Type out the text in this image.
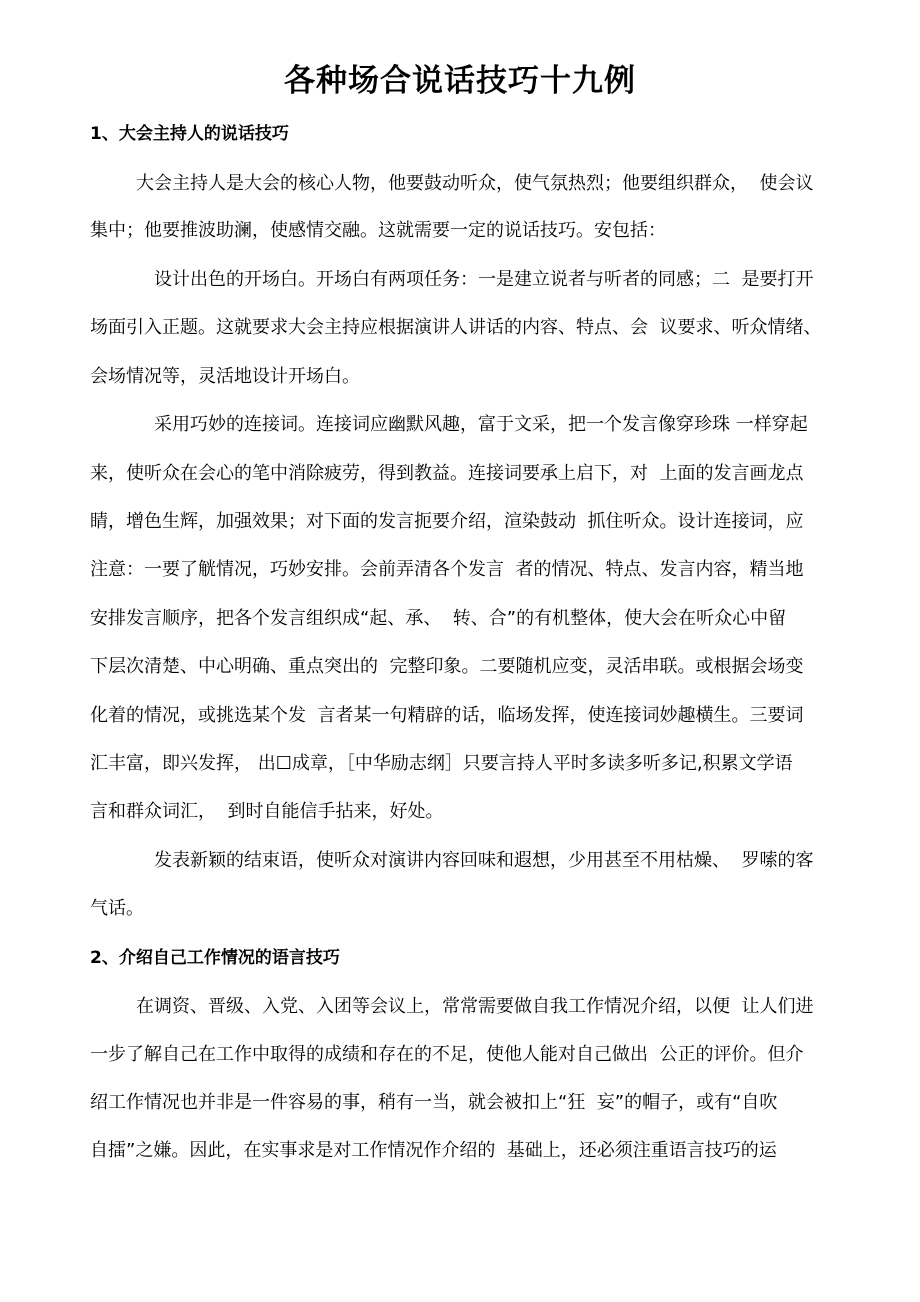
各种场合说话技巧十九例
1、大会主持人的说话技巧
大会主持人是大会的核心人物，他要鼓动听众，使气氛热烈；他要组织群众，  使会议
集中；他要推波助澜，使感情交融。这就需要一定的说话技巧。安包括：
设计出色的开场白。开场白有两项任务：一是建立说者与听者的同感；二  是要打开
场面引入正题。这就要求大会主持应根据演讲人讲话的内容、特点、会  议要求、听众情绪、
会场情况等，灵活地设计开场白。
采用巧妙的连接词。连接词应幽默风趣，富于文采，把一个发言像穿珍珠 一样穿起
来，使听众在会心的笔中消除疲劳，得到教益。连接词要承上启下，对  上面的发言画龙点
睛，增色生辉，加强效果；对下面的发言扼要介绍，渲染鼓动  抓住听众。设计连接词，应
注意：一要了觥情况，巧妙安排。会前弄清各个发言  者的情况、特点、发言内容，精当地
安排发言顺序，把各个发言组织成“起、承、  转、合”的有机整体，使大会在听众心中留
下层次清楚、中心明确、重点突出的  完整印象。二要随机应变，灵活串联。或根据会场变
化着的情况，或挑选某个发  言者某一句精辟的话，临场发挥，使连接词妙趣横生。三要词
汇丰富，即兴发挥， 出☐成章，［中华励志纲］只要言持人平时多读多听多记,积累文学语
言和群众词汇，  到时自能信手拈来，好处。
发表新颖的结束语，使听众对演讲内容回味和遐想，少用甚至不用枯燥、  罗嗦的客
气话。
2、介绍自己工作情况的语言技巧
在调资、晋级、入党、入团等会议上，常常需要做自我工作情况介绍，以便  让人们进
一步了解自己在工作中取得的成绩和存在的不足，使他人能对自己做出  公正的评价。但介
绍工作情况也并非是一件容易的事，稍有一当，就会被扣上“狂  妄”的帽子，或有“自吹
自擂”之嫌。因此，在实事求是对工作情况作介绍的  基础上，还必须注重语言技巧的运
